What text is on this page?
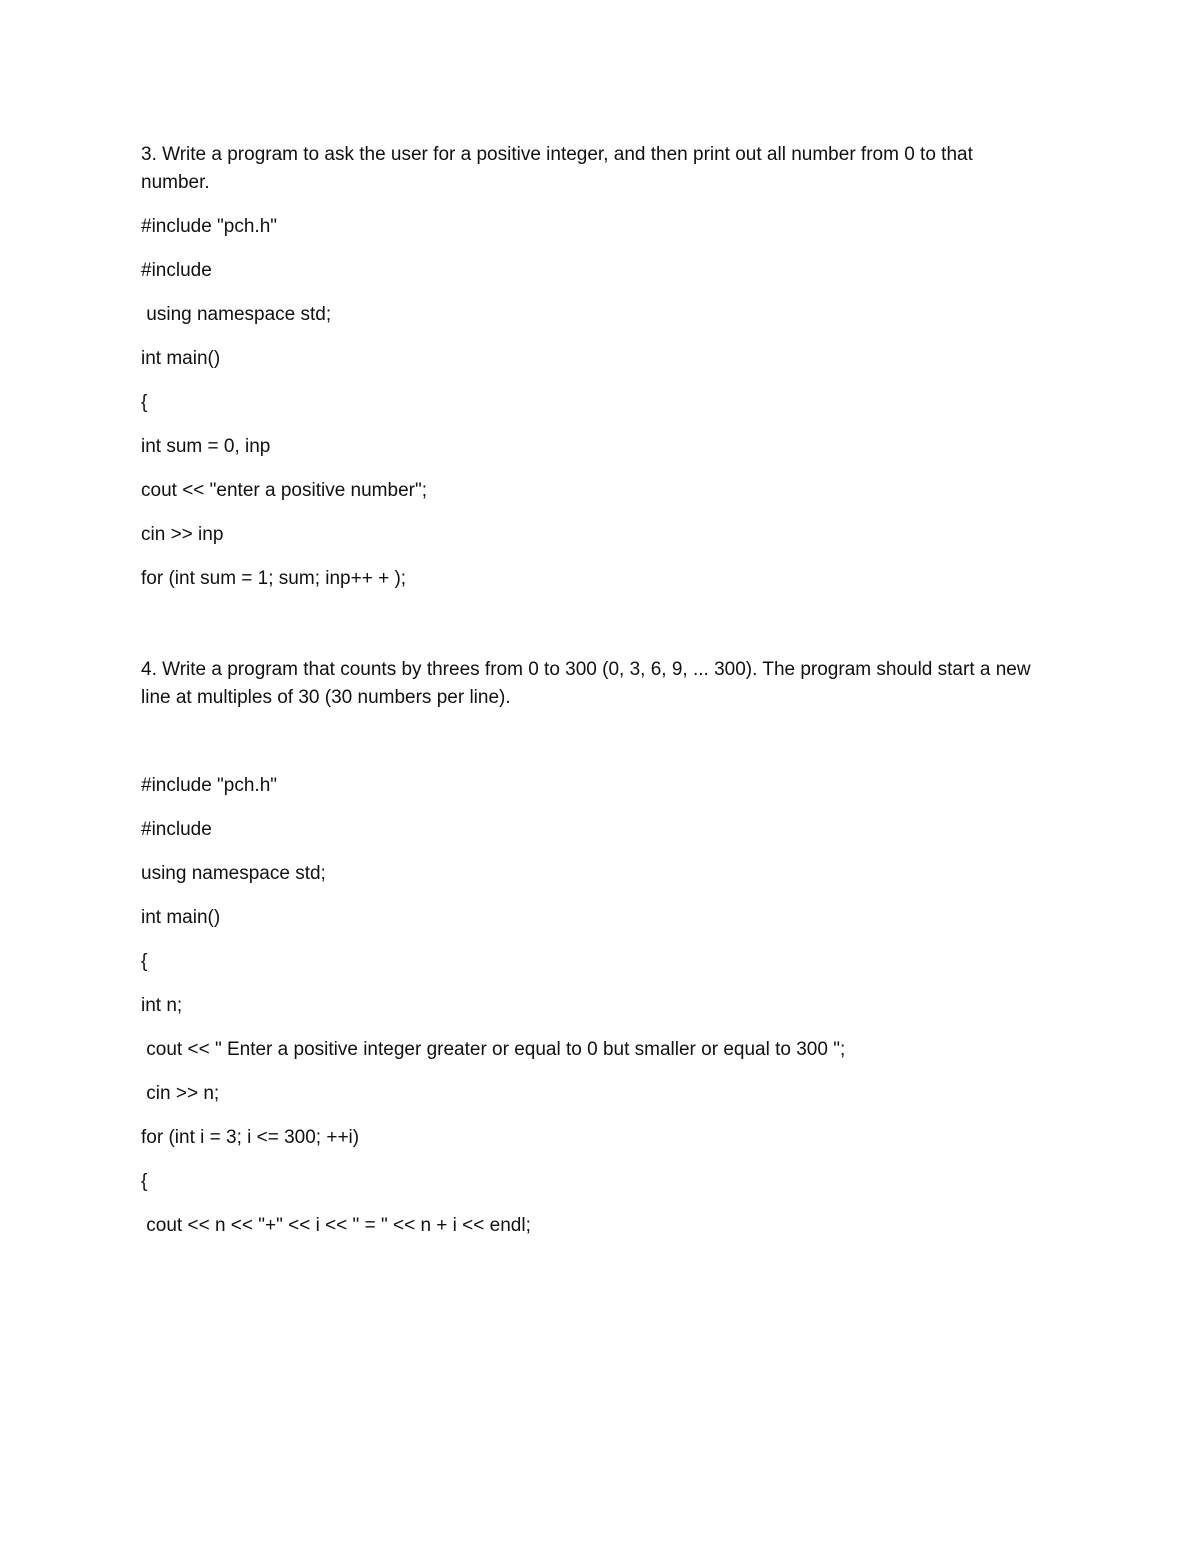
3. Write a program to ask the user for a positive integer, and then print out all number from 0 to that number.

#include "pch.h"

#include

using namespace std;

int main()

{

int sum = 0, inp

cout << "enter a positive number";

cin >> inp

for (int sum = 1; sum; inp++ + );

4. Write a program that counts by threes from 0 to 300 (0, 3, 6, 9, ... 300). The program should start a new line at multiples of 30 (30 numbers per line).

#include "pch.h"

#include

using namespace std;

int main()

{

int n;

cout << " Enter a positive integer greater or equal to 0 but smaller or equal to 300 ";

cin >> n;

for (int i = 3; i <= 300; ++i)

{

cout << n << "+" << i << " = " << n + i << endl;
